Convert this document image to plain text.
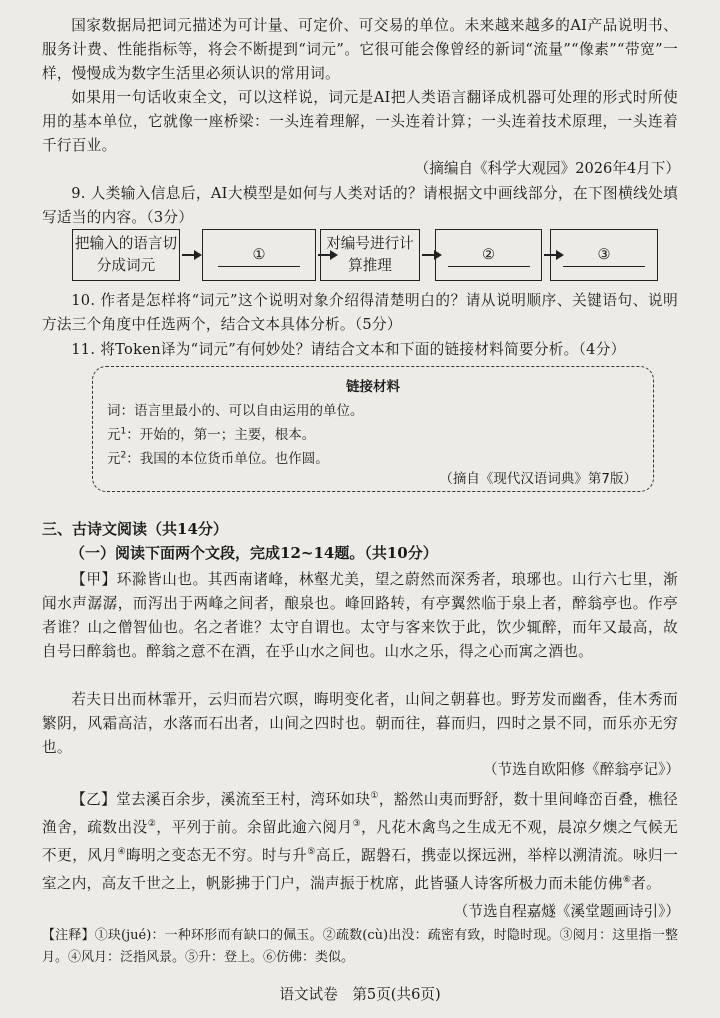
国家数据局把词元描述为可计量、可定价、可交易的单位。未来越来越多的AI产品说明书、服务计费、性能指标等，将会不断提到“词元”。它很可能会像曾经的新词“流量”“像素”“带宽”一样，慢慢成为数字生活里必须认识的常用词。

如果用一句话收束全文，可以这样说，词元是AI把人类语言翻译成机器可处理的形式时所使用的基本单位，它就像一座桥梁：一头连着理解，一头连着计算；一头连着技术原理，一头连着千行百业。

（摘编自《科学大观园》2026年4月下）

9. 人类输入信息后，AI大模型是如何与人类对话的？请根据文中画线部分，在下图横线处填写适当的内容。（3分）

把输入的语言切分成词元
①
对编号进行计算推理
②	③

10. 作者是怎样将“词元”这个说明对象介绍得清楚明白的？请从说明顺序、关键语句、说明方法三个角度中任选两个，结合文本具体分析。（5分）

11. 将Token译为“词元”有何妙处？请结合文本和下面的链接材料简要分析。（4分）

链接材料
词：语言里最小的、可以自由运用的单位。
元$^1$：开始的，第一；主要，根本。
元$^2$：我国的本位货币单位。也作圆。
（摘自《现代汉语词典》第7版）

三、古诗文阅读（共14分）

（一）阅读下面两个文段，完成12~14题。（共10分）

【甲】环滁皆山也。其西南诸峰，林壑尤美，望之蔚然而深秀者，琅琊也。山行六七里，渐闻水声潺潺，而泻出于两峰之间者，酿泉也。峰回路转，有亭翼然临于泉上者，醉翁亭也。作亭者谁？山之僧智仙也。名之者谁？太守自谓也。太守与客来饮于此，饮少辄醉，而年又最高，故自号曰醉翁也。醉翁之意不在酒，在乎山水之间也。山水之乐，得之心而寓之酒也。

若夫日出而林霏开，云归而岩穴暝，晦明变化者，山间之朝暮也。野芳发而幽香，佳木秀而繁阴，风霜高洁，水落而石出者，山间之四时也。朝而往，暮而归，四时之景不同，而乐亦无穷也。

（节选自欧阳修《醉翁亭记》）

【乙】堂去溪百余步，溪流至王村，湾环如玦①，豁然山夷而野舒，数十里间峰峦百叠，樵径渔舍，疏数出没②，平列于前。余留此逾六阅月③，凡花木禽鸟之生成无不观，晨凉夕燠之气候无不更，风月④晦明之变态无不穷。时与升⑤高丘，踞磐石，携壶以探远洲，举梓以溯清流。咏归一室之内，高友千世之上，帆影拂于门户，湍声振于枕席，此皆骚人诗客所极力而未能仿佛⑥者。

（节选自程嘉燧《溪堂题画诗引》）

【注释】①玦(jué)：一种环形而有缺口的佩玉。②疏数(cù)出没：疏密有致，时隐时现。③阅月：这里指一整月。④风月：泛指风景。⑤升：登上。⑥仿佛：类似。

语文试卷　第5页(共6页)
